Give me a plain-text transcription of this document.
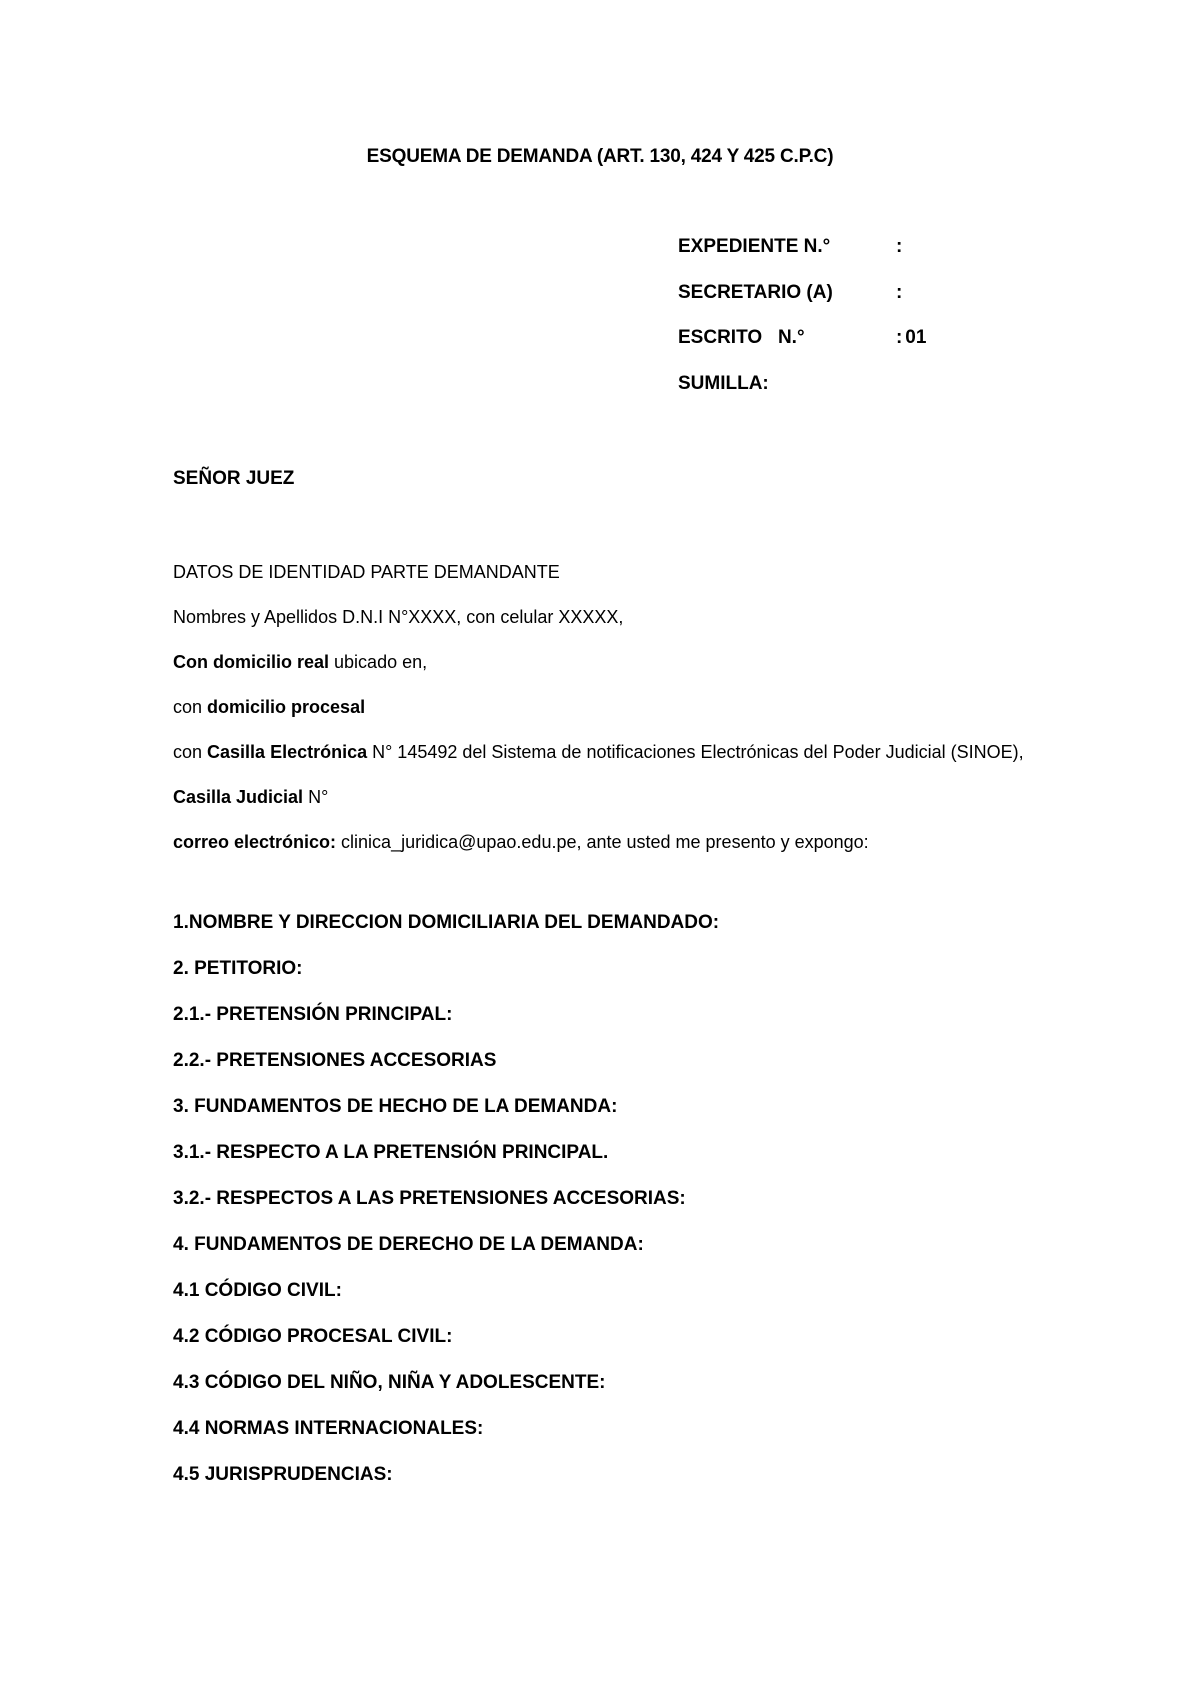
ESQUEMA DE DEMANDA (ART. 130, 424 Y 425 C.P.C)
EXPEDIENTE N.°	:
SECRETARIO (A)	:
ESCRITO   N.°	: 01
SUMILLA:
SEÑOR JUEZ

DATOS DE IDENTIDAD PARTE DEMANDANTE

Nombres y Apellidos D.N.I N°XXXX, con celular XXXXX,

Con domicilio real ubicado en,

con domicilio procesal

con Casilla Electrónica N° 145492 del Sistema de notificaciones Electrónicas del Poder Judicial (SINOE),

Casilla Judicial N°

correo electrónico: clinica_juridica@upao.edu.pe, ante usted me presento y expongo:

1.NOMBRE Y DIRECCION DOMICILIARIA DEL DEMANDADO:

2. PETITORIO:

2.1.- PRETENSIÓN PRINCIPAL:

2.2.- PRETENSIONES ACCESORIAS

3. FUNDAMENTOS DE HECHO DE LA DEMANDA:

3.1.- RESPECTO A LA PRETENSIÓN PRINCIPAL.

3.2.- RESPECTOS A LAS PRETENSIONES ACCESORIAS:

4. FUNDAMENTOS DE DERECHO DE LA DEMANDA:

4.1 CÓDIGO CIVIL:

4.2 CÓDIGO PROCESAL CIVIL:

4.3 CÓDIGO DEL NIÑO, NIÑA Y ADOLESCENTE:

4.4 NORMAS INTERNACIONALES:

4.5 JURISPRUDENCIAS:
